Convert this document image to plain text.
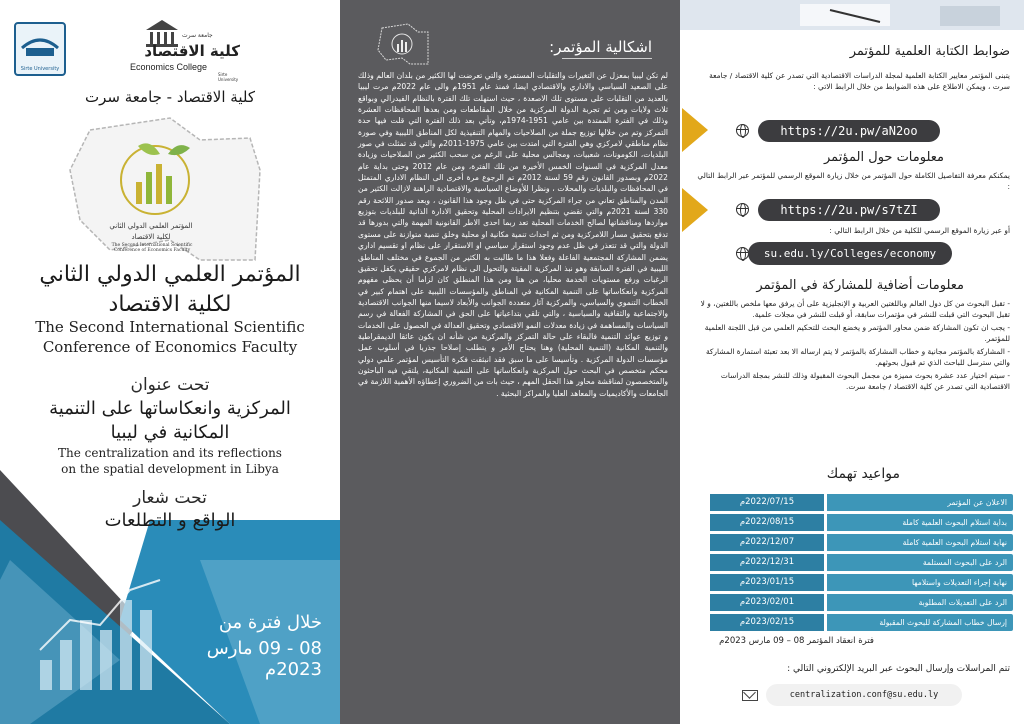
Sirte University
كلية الاقتصاد
جامعة سرت
Economics College
Sirte University
كلية الاقتصاد - جامعة سرت
المؤتمر العلمي الدولي الثاني
لكلية الاقتصاد
The Second International Scientific Conference of Economics Faculty
المؤتمر العلمي الدولي الثاني
لكلية الاقتصاد
The Second International Scientific
Conference of Economics Faculty
تحت عنوان
المركزية وانعكاساتها على التنمية
المكانية في ليبيا
The centralization and its reflections
on the spatial development in Libya
تحت شعار
الواقع و التطلعات
خلال فترة من
08 - 09 مارس 2023م
اشكالية المؤتمر:
لم تكن ليبيا بمعزل عن التغيرات والتقلبات المستمرة والتي تعرضت لها الكثير من بلدان العالم وذلك على الصعيد السياسي والاداري والاقتصادي ايضا، فمنذ عام 1951م والى عام 2022م مرت ليبيا بالعديد من التقلبات على مستوى تلك الاصعدة ، حيث استهلت تلك الفترة بالنظام الفيدرالي وبواقع ثلاث ولايات ومن ثم تجربة الدولة المركزية من خلال المقاطعات ومن بعدها المحافظات العشرة وذلك في الفترة الممتدة بين عامي 1951-1974م، وتأتي بعد ذلك الفترة التي قلت فيها حدة التمركز وتم من خلالها توزيع جملة من الصلاحيات والمهام التنفيذية لكل المناطق الليبية وفي صورة نظام مناطقي لامركزي وهي الفترة التي امتدت بين عامي 1975-2011م والتي قد تمثلت في صور البلديات، الكومونات، شعبيات، ومجالس محلية على الرغم من سحب الكثير من الصلاحيات وزيادة معدل المركزية في السنوات الخمس الأخيرة من تلك الفترة، ومن عام 2012 وحتى بداية عام 2022م وبصدور القانون رقم 59 لسنة 2012م تم الرجوع مرة أخرى الى النظام الاداري المتمثل في المحافظات والبلديات والمحلات ، ونظرا للأوضاع السياسية والاقتصادية الراهنة لازالت الكثير من المدن والمناطق تعاني من جراء المركزية حتى في ظل وجود هذا القانون ، وبعد صدور اللائحة رقم 330 لسنة 2021م والتي تقضي بتنظيم الايرادات المحلية وتحقيق الادارة الذاتية للبلديات بتوزيع مواردها ومناقشاتها لصالح الخدمات المحلية تعد ربما احدى الاطر القانونية المهمة والتي بدورها قد تدفع بتحقيق مسار اللامركزية ومن ثم احداث تنمية مكانية او محلية وخلق تنمية متوازنة على مستوى الدولة والتي قد تتعذر في ظل عدم وجود استقرار سياسي او الاستقرار على نظام او تقسيم اداري يضمن المشاركة المجتمعية الفاعلة وفعلا هذا ما طالبت به الكثير من الجموع في مختلف المناطق الليبية في الفترة السابقة وهو نبذ المركزية المقيتة والتحول الى نظام لامركزي حقيقي يكفل تحقيق الرغبات ورفع مستويات الخدمة محليا، من هنا ومن هذا المنطلق كان لزاما أن يحظى مفهوم المركزية وانعكاساتها على التنمية المكانية في المناطق والمؤسسات الليبية على اهتمام كبير في الخطاب التنموي والسياسي، والمركزية آثار متعددة الجوانب والأبعاد لاسيما منها الجوانب الاقتصادية والاجتماعية والثقافية والسياسية ، والتي تلقي بتداعياتها على الحق في المشاركة الفعالة في رسم السياسات والمساهمة في زيادة معدلات النمو الاقتصادي وتحقيق العدالة في الحصول على الخدمات و توزيع عوائد التنمية فالبقاء على حالة التمركز والمركزية من شأنه ان يكون عائقا الديمقراطية والتنمية المكانية (التنمية المحلية) وهنا يحتاج الأمر و يتطلب إصلاحا جذريا في أسلوب عمل مؤسسات الدولة المركزية . وتأسيسا على ما سبق فقد انبثقت فكرة التأسيس لمؤتمر علمي دولي محكم متخصص في البحث حول المركزية وانعكاساتها على التنمية المكانية، يلتقي فيه الباحثون والمتخصصون لمناقشة محاور هذا الحقل المهم ، حيث بات من الضروري إعطاؤه الأهمية اللازمة في الجامعات والأكاديميات والمعاهد العليا والمراكز البحثية .
ضوابط الكتابة العلمية للمؤتمر
يتبنى المؤتمر معايير الكتابة العلمية لمجلة الدراسات الاقتصادية التي تصدر عن كلية الاقتصاد / جامعة سرت ، ويمكن الاطلاع على هذه الضوابط من خلال الرابط الاتي :
https://2u.pw/aN2oo
معلومات حول المؤتمر
يمكنكم معرفة التفاصيل الكاملة حول المؤتمر من خلال زيارة الموقع الرسمي للمؤتمر عبر الرابط التالي :
https://2u.pw/s7tZI
أو عبر زيارة الموقع الرسمي للكلية من خلال الرابط التالي :
su.edu.ly/Colleges/economy
معلومات أضافية للمشاركة في المؤتمر
- تقبل البحوث من كل دول العالم وباللغتين العربية و الإنجليزية على أن يرفق معها ملخص باللغتين، و لا تقبل البحوث التي قبلت للنشر في مؤتمرات سابقة، أو قبلت للنشر في مجلات علمية.
- يجب ان تكون المشاركة ضمن محاور المؤتمر و يخضع البحث للتحكيم العلمي من قبل اللجنة العلمية للمؤتمر.
- المشاركة بالمؤتمر مجانية و خطاب المشاركة بالمؤتمر لا يتم ارساله الا بعد تعبئة استمارة المشاركة والتي سترسل للباحث الذي تم قبول بحوثهم.
- سيتم اختيار عدد عشرة بحوث مميزة من مجمل البحوث المقبولة وذلك للنشر بمجلة الدراسات الاقتصادية التي تصدر عن كلية الاقتصاد / جامعة سرت.
مواعيد تهمك
الاعلان عن المؤتمر
2022/07/15م
بداية استلام البحوث العلمية كاملة
2022/08/15م
نهاية استلام البحوث العلمية كاملة
2022/12/07م
الرد على البحوث المستلمة
2022/12/31م
نهاية إجراء التعديلات واستلامها
2023/01/15م
الرد على التعديلات المطلوبة
2023/02/01م
إرسال خطاب المشاركة للبحوث المقبولة
2023/02/15م
فترة انعقاد المؤتمر 08 – 09 مارس 2023م
تتم المراسلات وإرسال البحوث عبر البريد الإلكتروني التالي :
centralization.conf@su.edu.ly
